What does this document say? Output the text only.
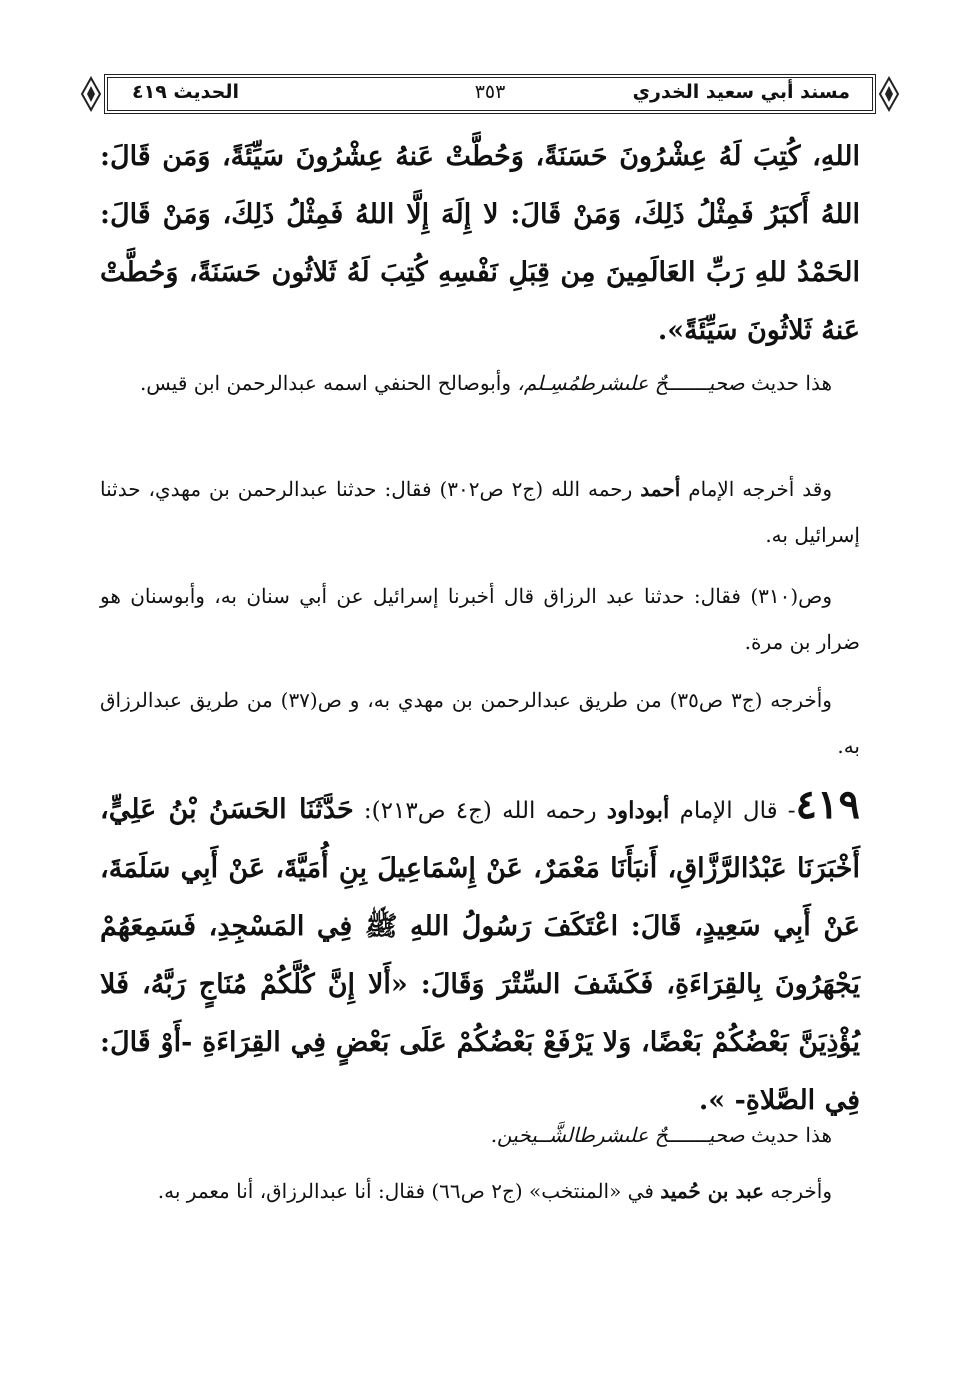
مسند أبي سعيد الخدري
٣٥٣
الحديث ٤١٩
اللهِ، كُتِبَ لَهُ عِشْرُونَ حَسَنَةً، وَحُطَّتْ عَنهُ عِشْرُونَ سَيِّئَةً، وَمَن قَالَ: اللهُ أَكبَرُ فَمِثْلُ ذَلِكَ، وَمَنْ قَالَ: لا إِلَهَ إِلَّا اللهُ فَمِثْلُ ذَلِكَ، وَمَنْ قَالَ: الحَمْدُ للهِ رَبِّ العَالَمِينَ مِن قِبَلِ نَفْسِهِ كُتِبَ لَهُ ثَلاثُون حَسَنَةً، وَحُطَّتْ عَنهُ ثَلاثُونَ سَيِّئَةً».

هذا حديث صحيـــــــحٌ علىشرطمُسِـلم، وأبوصالح الحنفي اسمه عبدالرحمن ابن قيس.

وقد أخرجه الإمام أحمد رحمه الله (ج٢ ص٣٠٢) فقال: حدثنا عبدالرحمن بن مهدي، حدثنا إسرائيل به.

وص(٣١٠) فقال: حدثنا عبد الرزاق قال أخبرنا إسرائيل عن أبي سنان به، وأبوسنان هو ضرار بن مرة.

وأخرجه (ج٣ ص٣٥) من طريق عبدالرحمن بن مهدي به، و ص(٣٧) من طريق عبدالرزاق به.

٤١٩- قال الإمام أبوداود رحمه الله (ج٤ ص٢١٣): حَدَّثَنَا الحَسَنُ بْنُ عَلِيٍّ، أَخْبَرَنَا عَبْدُالرَّزَّاقِ، أَنبَأَنَا مَعْمَرٌ، عَنْ إِسْمَاعِيلَ بِنِ أُمَيَّةَ، عَنْ أَبِي سَلَمَةَ، عَنْ أَبِي سَعِيدٍ، قَالَ: اعْتَكَفَ رَسُولُ اللهِ ﷺ فِي المَسْجِدِ، فَسَمِعَهُمْ يَجْهَرُونَ بِالقِرَاءَةِ، فَكَشَفَ السِّتْرَ وَقَالَ: «أَلا إِنَّ كُلَّكُمْ مُنَاجٍ رَبَّهُ، فَلا يُؤْذِيَنَّ بَعْضُكُمْ بَعْضًا، وَلا يَرْفَعْ بَعْضُكُمْ عَلَى بَعْضٍ فِي القِرَاءَةِ -أَوْ قَالَ: فِي الصَّلاةِ- ».

هذا حديث صحيـــــــحٌ علىشرطالشَّــيخين.

وأخرجه عبد بن حُميد في «المنتخب» (ج٢ ص٦٦) فقال: أنا عبدالرزاق، أنا معمر به.
